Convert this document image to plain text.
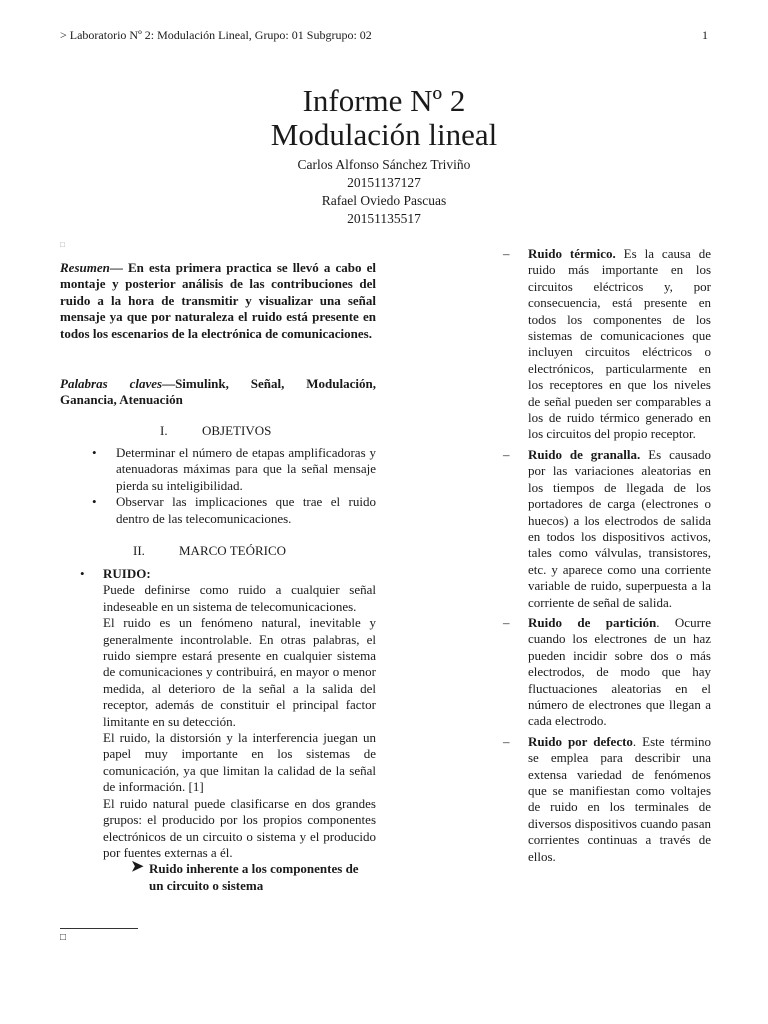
> Laboratorio Nº 2: Modulación Lineal, Grupo: 01 Subgrupo: 02	1
Informe Nº 2
Modulación lineal
Carlos Alfonso Sánchez Triviño
20151137127
Rafael Oviedo Pascuas
20151135517
□
Resumen— En esta primera practica se llevó a cabo el montaje y posterior análisis de las contribuciones del ruido a la hora de transmitir y visualizar una señal mensaje ya que por naturaleza el ruido está presente en todos los escenarios de la electrónica de comunicaciones.
Palabras claves—Simulink, Señal, Modulación, Ganancia, Atenuación
I.	OBJETIVOS
• Determinar el número de etapas amplificadoras y atenuadoras máximas para que la señal mensaje pierda su inteligibilidad.
• Observar las implicaciones que trae el ruido dentro de las telecomunicaciones.
II.	MARCO TEÓRICO
• RUIDO:
Puede definirse como ruido a cualquier señal indeseable en un sistema de telecomunicaciones.
El ruido es un fenómeno natural, inevitable y generalmente incontrolable. En otras palabras, el ruido siempre estará presente en cualquier sistema de comunicaciones y contribuirá, en mayor o menor medida, al deterioro de la señal a la salida del receptor, además de constituir el principal factor limitante en su detección.
El ruido, la distorsión y la interferencia juegan un papel muy importante en los sistemas de comunicación, ya que limitan la calidad de la señal de información. [1]
El ruido natural puede clasificarse en dos grandes grupos: el producido por los propios componentes electrónicos de un circuito o sistema y el producido por fuentes externas a él.
➤ Ruido inherente a los componentes de un circuito o sistema
– Ruido térmico. Es la causa de ruido más importante en los circuitos eléctricos y, por consecuencia, está presente en todos los componentes de los sistemas de comunicaciones que incluyen circuitos eléctricos o electrónicos, particularmente en los receptores en que los niveles de señal pueden ser comparables a los de ruido térmico generado en los circuitos del propio receptor.
– Ruido de granalla. Es causado por las variaciones aleatorias en los tiempos de llegada de los portadores de carga (electrones o huecos) a los electrodos de salida en todos los dispositivos activos, tales como válvulas, transistores, etc. y aparece como una corriente variable de ruido, superpuesta a la corriente de señal de salida.
– Ruido de partición. Ocurre cuando los electrones de un haz pueden incidir sobre dos o más electrodos, de modo que hay fluctuaciones aleatorias en el número de electrones que llegan a cada electrodo.
– Ruido por defecto. Este término se emplea para describir una extensa variedad de fenómenos que se manifiestan como voltajes de ruido en los terminales de diversos dispositivos cuando pasan corrientes continuas a través de ellos.
□
